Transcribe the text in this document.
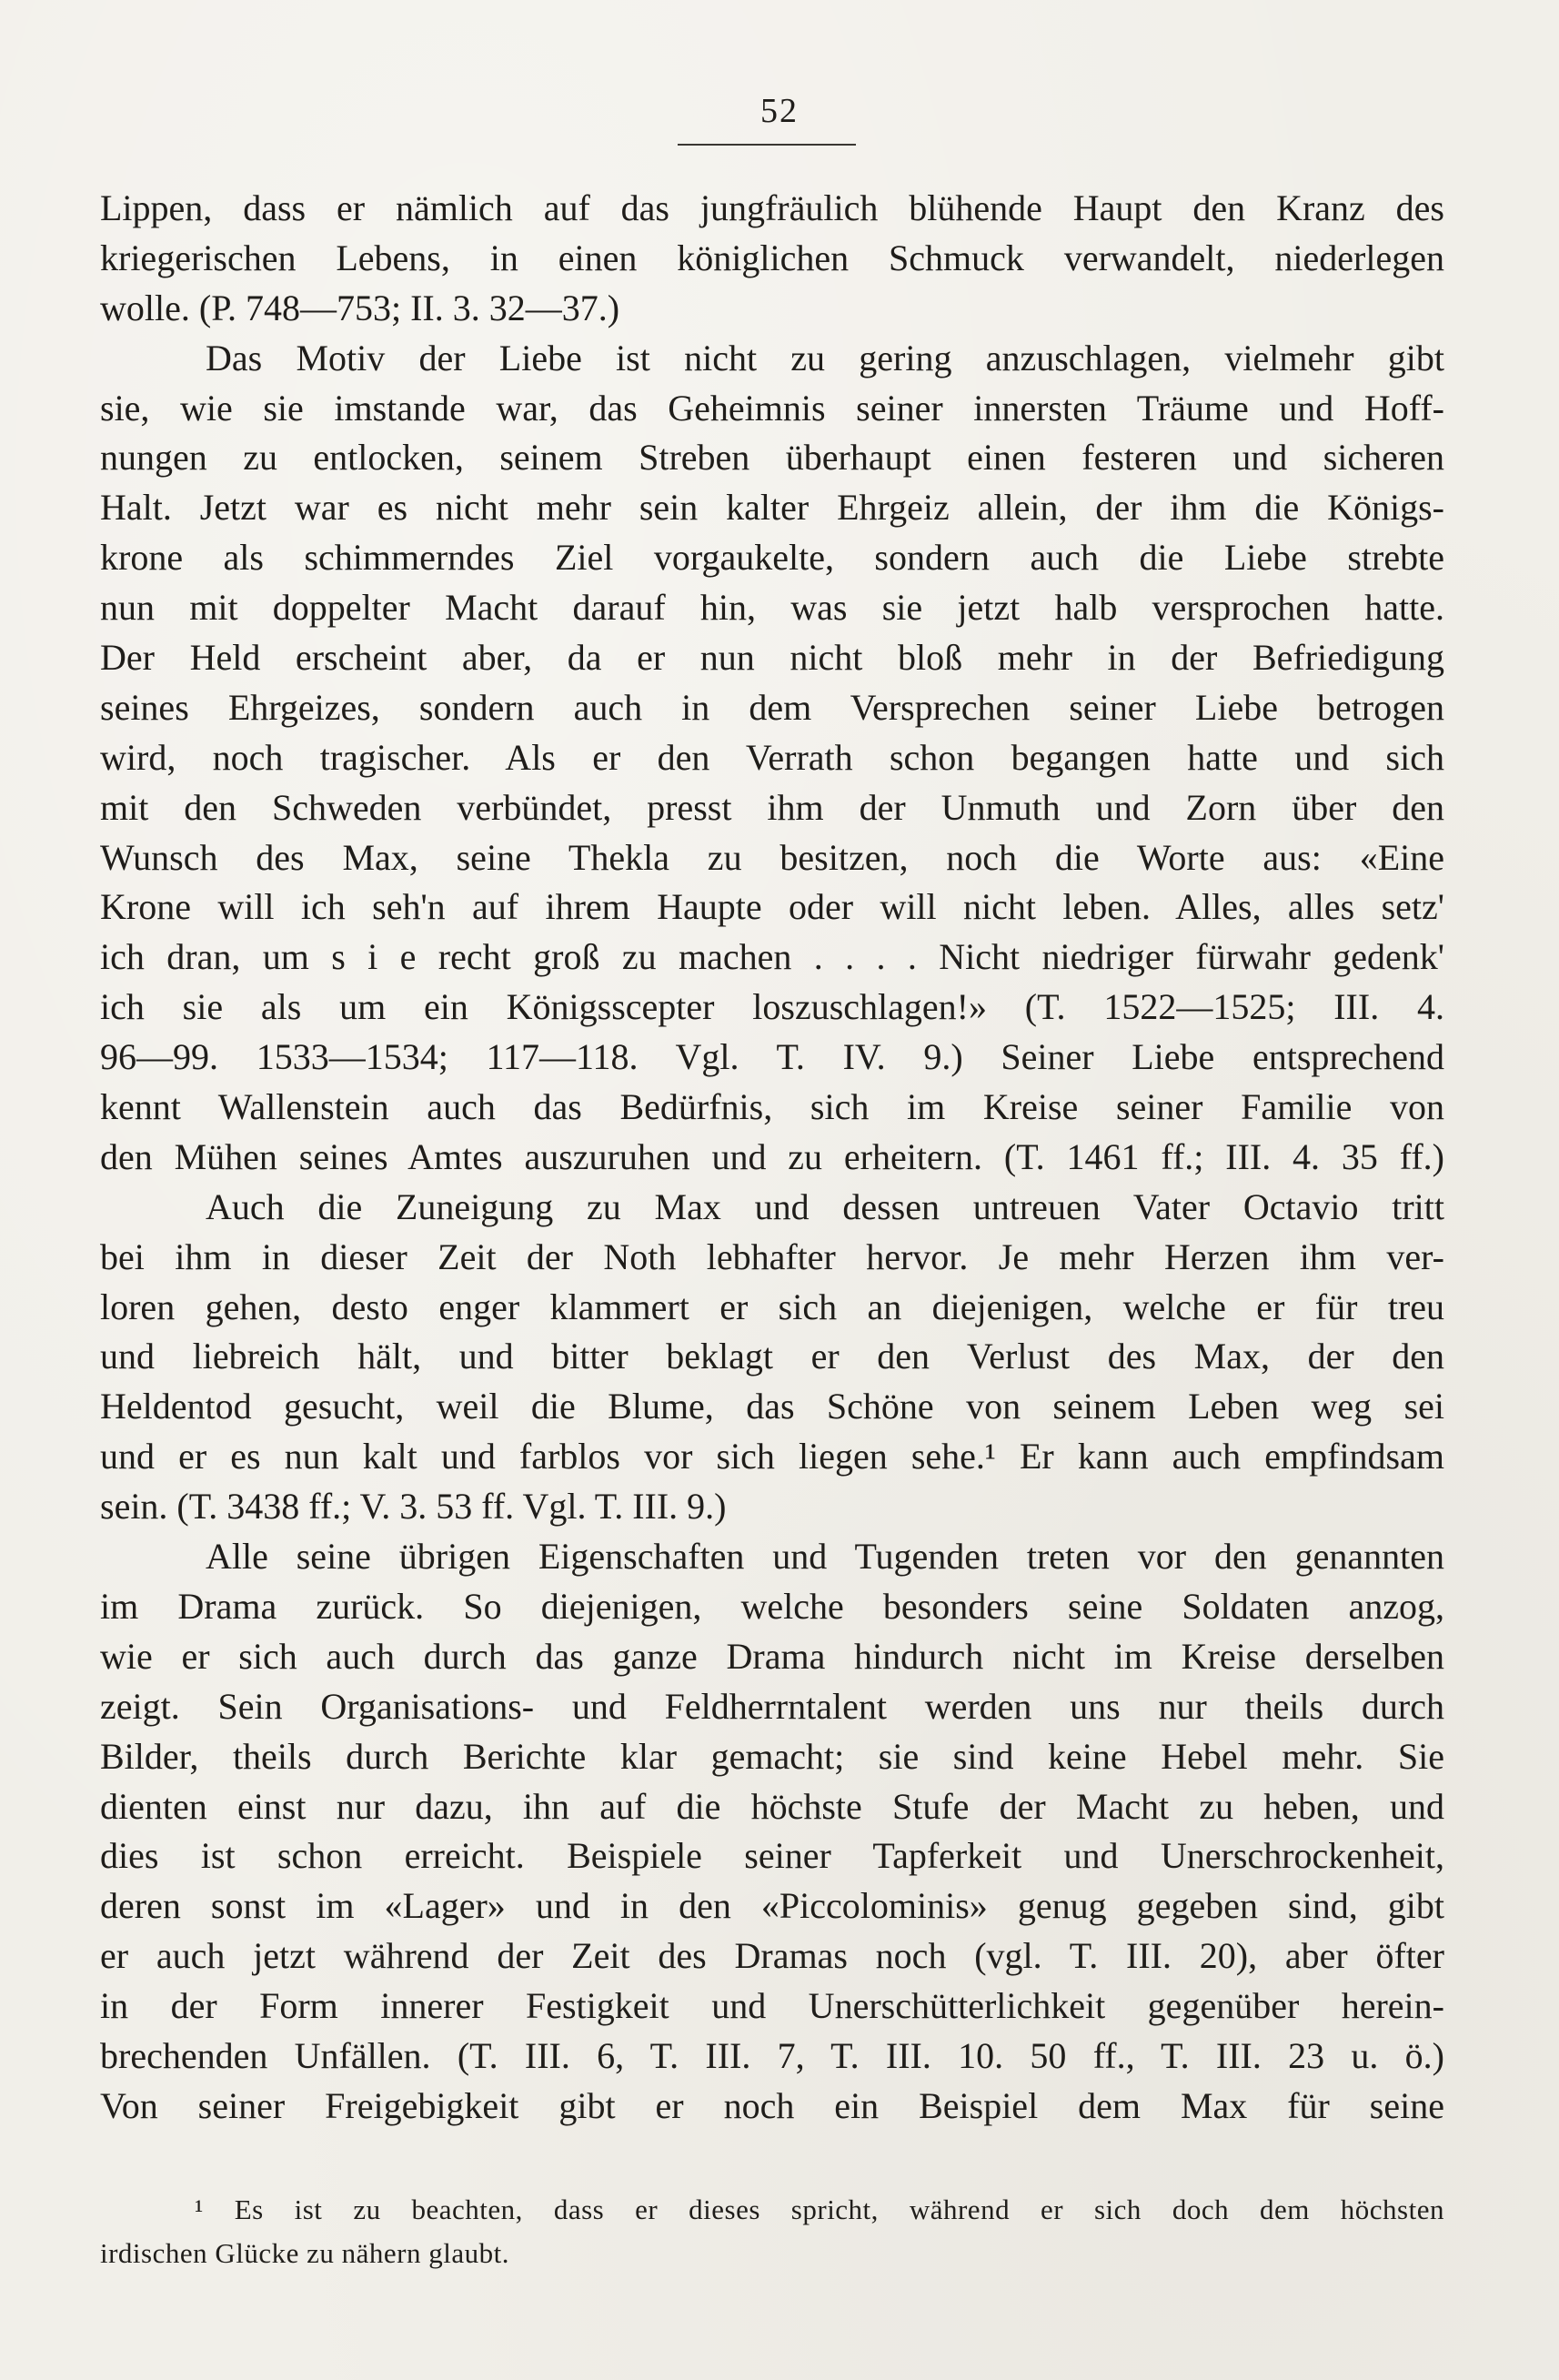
52
Lippen, dass er nämlich auf das jungfräulich blühende Haupt den Kranz des
kriegerischen Lebens, in einen königlichen Schmuck verwandelt, niederlegen
wolle. (P. 748—753; II. 3. 32—37.)
Das Motiv der Liebe ist nicht zu gering anzuschlagen, vielmehr gibt
sie, wie sie imstande war, das Geheimnis seiner innersten Träume und Hoff-
nungen zu entlocken, seinem Streben überhaupt einen festeren und sicheren
Halt. Jetzt war es nicht mehr sein kalter Ehrgeiz allein, der ihm die Königs-
krone als schimmerndes Ziel vorgaukelte, sondern auch die Liebe strebte
nun mit doppelter Macht darauf hin, was sie jetzt halb versprochen hatte.
Der Held erscheint aber, da er nun nicht bloß mehr in der Befriedigung
seines Ehrgeizes, sondern auch in dem Versprechen seiner Liebe betrogen
wird, noch tragischer. Als er den Verrath schon begangen hatte und sich
mit den Schweden verbündet, presst ihm der Unmuth und Zorn über den
Wunsch des Max, seine Thekla zu besitzen, noch die Worte aus: «Eine
Krone will ich seh'n auf ihrem Haupte oder will nicht leben. Alles, alles setz'
ich dran, um s i e recht groß zu machen . . . . Nicht niedriger fürwahr gedenk'
ich sie als um ein Königsscepter loszuschlagen!» (T. 1522—1525; III. 4.
96—99. 1533—1534; 117—118. Vgl. T. IV. 9.) Seiner Liebe entsprechend
kennt Wallenstein auch das Bedürfnis, sich im Kreise seiner Familie von
den Mühen seines Amtes auszuruhen und zu erheitern. (T. 1461 ff.; III. 4. 35 ff.)
Auch die Zuneigung zu Max und dessen untreuen Vater Octavio tritt
bei ihm in dieser Zeit der Noth lebhafter hervor. Je mehr Herzen ihm ver-
loren gehen, desto enger klammert er sich an diejenigen, welche er für treu
und liebreich hält, und bitter beklagt er den Verlust des Max, der den
Heldentod gesucht, weil die Blume, das Schöne von seinem Leben weg sei
und er es nun kalt und farblos vor sich liegen sehe.¹ Er kann auch empfindsam
sein. (T. 3438 ff.; V. 3. 53 ff. Vgl. T. III. 9.)
Alle seine übrigen Eigenschaften und Tugenden treten vor den genannten
im Drama zurück. So diejenigen, welche besonders seine Soldaten anzog,
wie er sich auch durch das ganze Drama hindurch nicht im Kreise derselben
zeigt. Sein Organisations- und Feldherrntalent werden uns nur theils durch
Bilder, theils durch Berichte klar gemacht; sie sind keine Hebel mehr. Sie
dienten einst nur dazu, ihn auf die höchste Stufe der Macht zu heben, und
dies ist schon erreicht. Beispiele seiner Tapferkeit und Unerschrockenheit,
deren sonst im «Lager» und in den «Piccolominis» genug gegeben sind, gibt
er auch jetzt während der Zeit des Dramas noch (vgl. T. III. 20), aber öfter
in der Form innerer Festigkeit und Unerschütterlichkeit gegenüber herein-
brechenden Unfällen. (T. III. 6, T. III. 7, T. III. 10. 50 ff., T. III. 23 u. ö.)
Von seiner Freigebigkeit gibt er noch ein Beispiel dem Max für seine
¹ Es ist zu beachten, dass er dieses spricht, während er sich doch dem höchsten
irdischen Glücke zu nähern glaubt.
